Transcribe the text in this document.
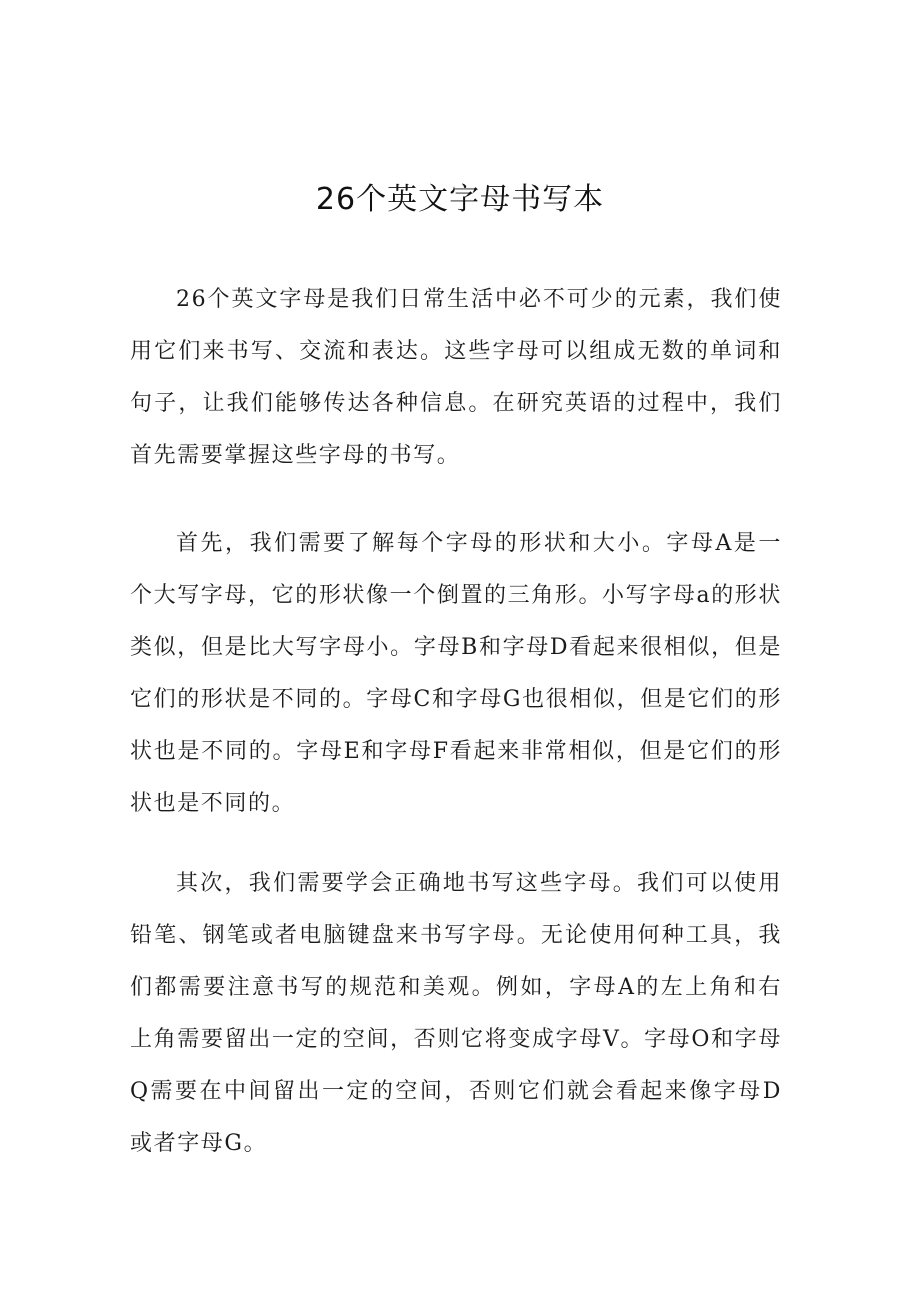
26个英文字母书写本

26个英文字母是我们日常生活中必不可少的元素，我们使用它们来书写、交流和表达。这些字母可以组成无数的单词和句子，让我们能够传达各种信息。在研究英语的过程中，我们首先需要掌握这些字母的书写。

首先，我们需要了解每个字母的形状和大小。字母A是一个大写字母，它的形状像一个倒置的三角形。小写字母a的形状类似，但是比大写字母小。字母B和字母D看起来很相似，但是它们的形状是不同的。字母C和字母G也很相似，但是它们的形状也是不同的。字母E和字母F看起来非常相似，但是它们的形状也是不同的。

其次，我们需要学会正确地书写这些字母。我们可以使用铅笔、钢笔或者电脑键盘来书写字母。无论使用何种工具，我们都需要注意书写的规范和美观。例如，字母A的左上角和右上角需要留出一定的空间，否则它将变成字母V。字母O和字母Q需要在中间留出一定的空间，否则它们就会看起来像字母D或者字母G。
